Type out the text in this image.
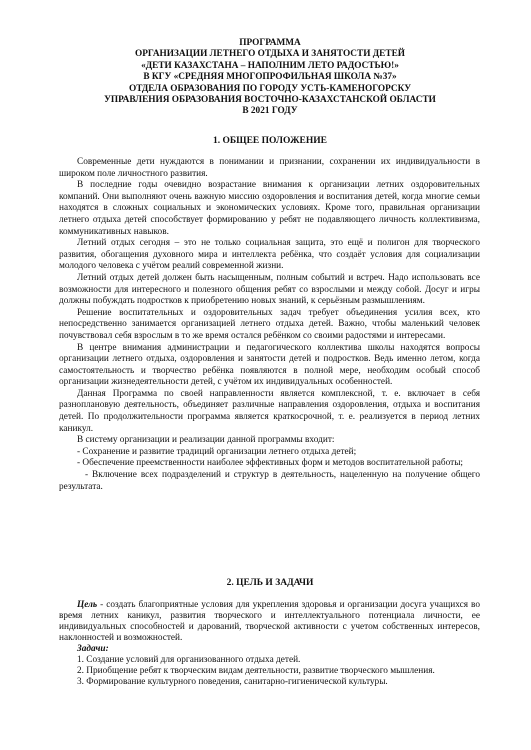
ПРОГРАММА
ОРГАНИЗАЦИИ ЛЕТНЕГО ОТДЫХА И ЗАНЯТОСТИ ДЕТЕЙ
«ДЕТИ КАЗАХСТАНА – НАПОЛНИМ ЛЕТО РАДОСТЬЮ!»
В КГУ «СРЕДНЯЯ МНОГОПРОФИЛЬНАЯ ШКОЛА №37»
ОТДЕЛА ОБРАЗОВАНИЯ ПО ГОРОДУ УСТЬ-КАМЕНОГОРСКУ
УПРАВЛЕНИЯ ОБРАЗОВАНИЯ ВОСТОЧНО-КАЗАХСТАНСКОЙ ОБЛАСТИ
В 2021 ГОДУ
1. ОБЩЕЕ ПОЛОЖЕНИЕ

Современные дети нуждаются в понимании и признании, сохранении их индивидуальности в широком поле личностного развития.

В последние годы очевидно возрастание внимания к организации летних оздоровительных компаний. Они выполняют очень важную миссию оздоровления и воспитания детей, когда многие семьи находятся в сложных социальных и экономических условиях. Кроме того, правильная организации летнего отдыха детей способствует формированию у ребят не подавляющего личность коллективизма, коммуникативных навыков.

Летний отдых сегодня – это не только социальная защита, это ещё и полигон для творческого развития, обогащения духовного мира и интеллекта ребёнка, что создаёт условия для социализации молодого человека с учётом реалий современной жизни.

Летний отдых детей должен быть насыщенным, полным событий и встреч. Надо использовать все возможности для интересного и полезного общения ребят со взрослыми и между собой. Досуг и игры должны побуждать подростков к приобретению новых знаний, к серьёзным размышлениям.

Решение воспитательных и оздоровительных задач требует объединения усилия всех, кто непосредственно занимается организацией летнего отдыха детей. Важно, чтобы маленький человек почувствовал себя взрослым в то же время остался ребёнком со своими радостями и интересами.

В центре внимания администрации и педагогического коллектива школы находятся вопросы организации летнего отдыха, оздоровления и занятости детей и подростков. Ведь именно летом, когда самостоятельность и творчество ребёнка появляются в полной мере, необходим особый способ организации жизнедеятельности детей, с учётом их индивидуальных особенностей.

Данная Программа по своей направленности является комплексной, т. е. включает в себя разноплановую деятельность, объединяет различные направления оздоровления, отдыха и воспитания детей. По продолжительности программа является краткосрочной, т. е. реализуется в период летних каникул.

В систему организации и реализации данной программы входит:

- Сохранение и развитие традиций организации летнего отдыха детей;

- Обеспечение преемственности наиболее эффективных форм и методов воспитательной работы;

- Включение всех подразделений и структур в деятельность, нацеленную на получение общего результата.

2. ЦЕЛЬ И ЗАДАЧИ

Цель - создать благоприятные условия для укрепления здоровья и организации досуга учащихся во время летних каникул, развития творческого и интеллектуального потенциала личности, ее индивидуальных способностей и дарований, творческой активности с учетом собственных интересов, наклонностей и возможностей.

Задачи:

1. Создание условий для организованного отдыха детей.

2. Приобщение ребят к творческим видам деятельности, развитие творческого мышления.

3. Формирование культурного поведения, санитарно-гигиенической культуры.
